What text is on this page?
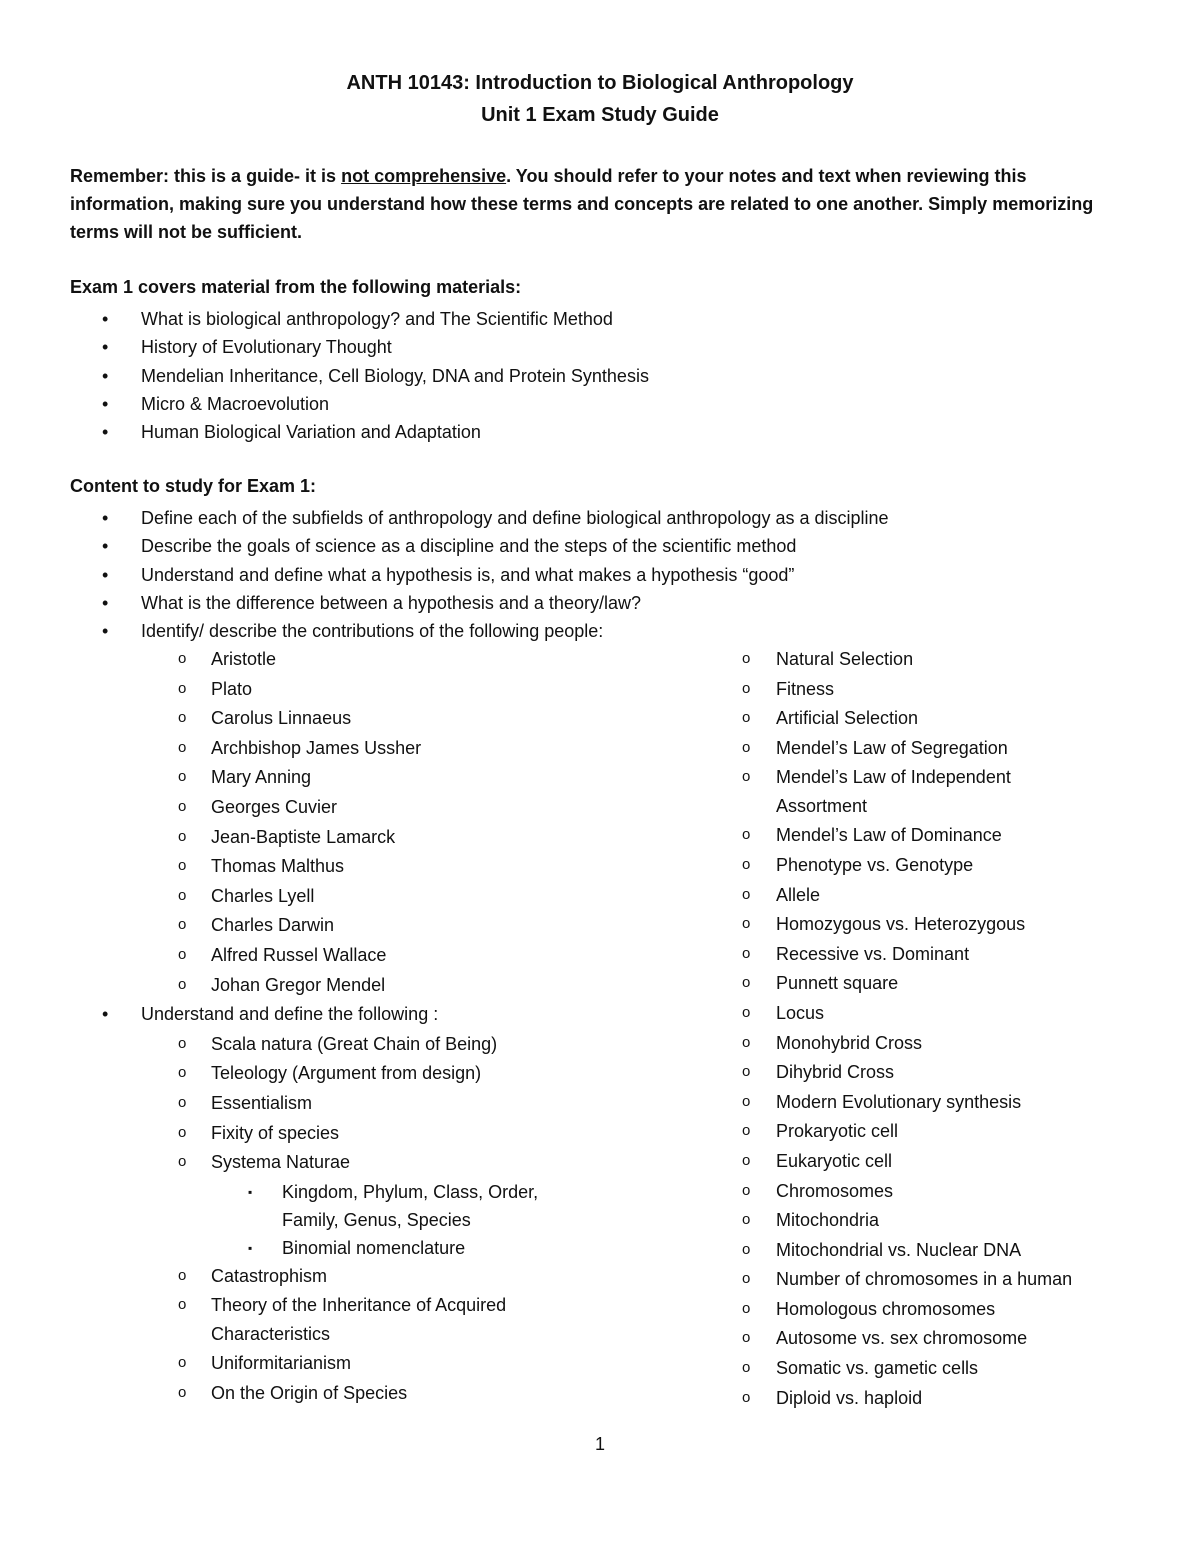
ANTH 10143: Introduction to Biological Anthropology
Unit 1 Exam Study Guide
Remember: this is a guide- it is not comprehensive. You should refer to your notes and text when reviewing this information, making sure you understand how these terms and concepts are related to one another. Simply memorizing terms will not be sufficient.
Exam 1 covers material from the following materials:
• What is biological anthropology? and The Scientific Method
• History of Evolutionary Thought
• Mendelian Inheritance, Cell Biology, DNA and Protein Synthesis
• Micro & Macroevolution
• Human Biological Variation and Adaptation
Content to study for Exam 1:
• Define each of the subfields of anthropology and define biological anthropology as a discipline
• Describe the goals of science as a discipline and the steps of the scientific method
• Understand and define what a hypothesis is, and what makes a hypothesis “good”
• What is the difference between a hypothesis and a theory/law?
• Identify/ describe the contributions of the following people:
o Aristotle
o Plato
o Carolus Linnaeus
o Archbishop James Ussher
o Mary Anning
o Georges Cuvier
o Jean-Baptiste Lamarck
o Thomas Malthus
o Charles Lyell
o Charles Darwin
o Alfred Russel Wallace
o Johan Gregor Mendel
• Understand and define the following :
o Scala natura (Great Chain of Being)
o Teleology (Argument from design)
o Essentialism
o Fixity of species
o Systema Naturae
▪ Kingdom, Phylum, Class, Order, Family, Genus, Species
▪ Binomial nomenclature
o Catastrophism
o Theory of the Inheritance of Acquired Characteristics
o Uniformitarianism
o On the Origin of Species
o Natural Selection
o Fitness
o Artificial Selection
o Mendel’s Law of Segregation
o Mendel’s Law of Independent Assortment
o Mendel’s Law of Dominance
o Phenotype vs. Genotype
o Allele
o Homozygous vs. Heterozygous
o Recessive vs. Dominant
o Punnett square
o Locus
o Monohybrid Cross
o Dihybrid Cross
o Modern Evolutionary synthesis
o Prokaryotic cell
o Eukaryotic cell
o Chromosomes
o Mitochondria
o Mitochondrial vs. Nuclear DNA
o Number of chromosomes in a human
o Homologous chromosomes
o Autosome vs. sex chromosome
o Somatic vs. gametic cells
o Diploid vs. haploid
1
